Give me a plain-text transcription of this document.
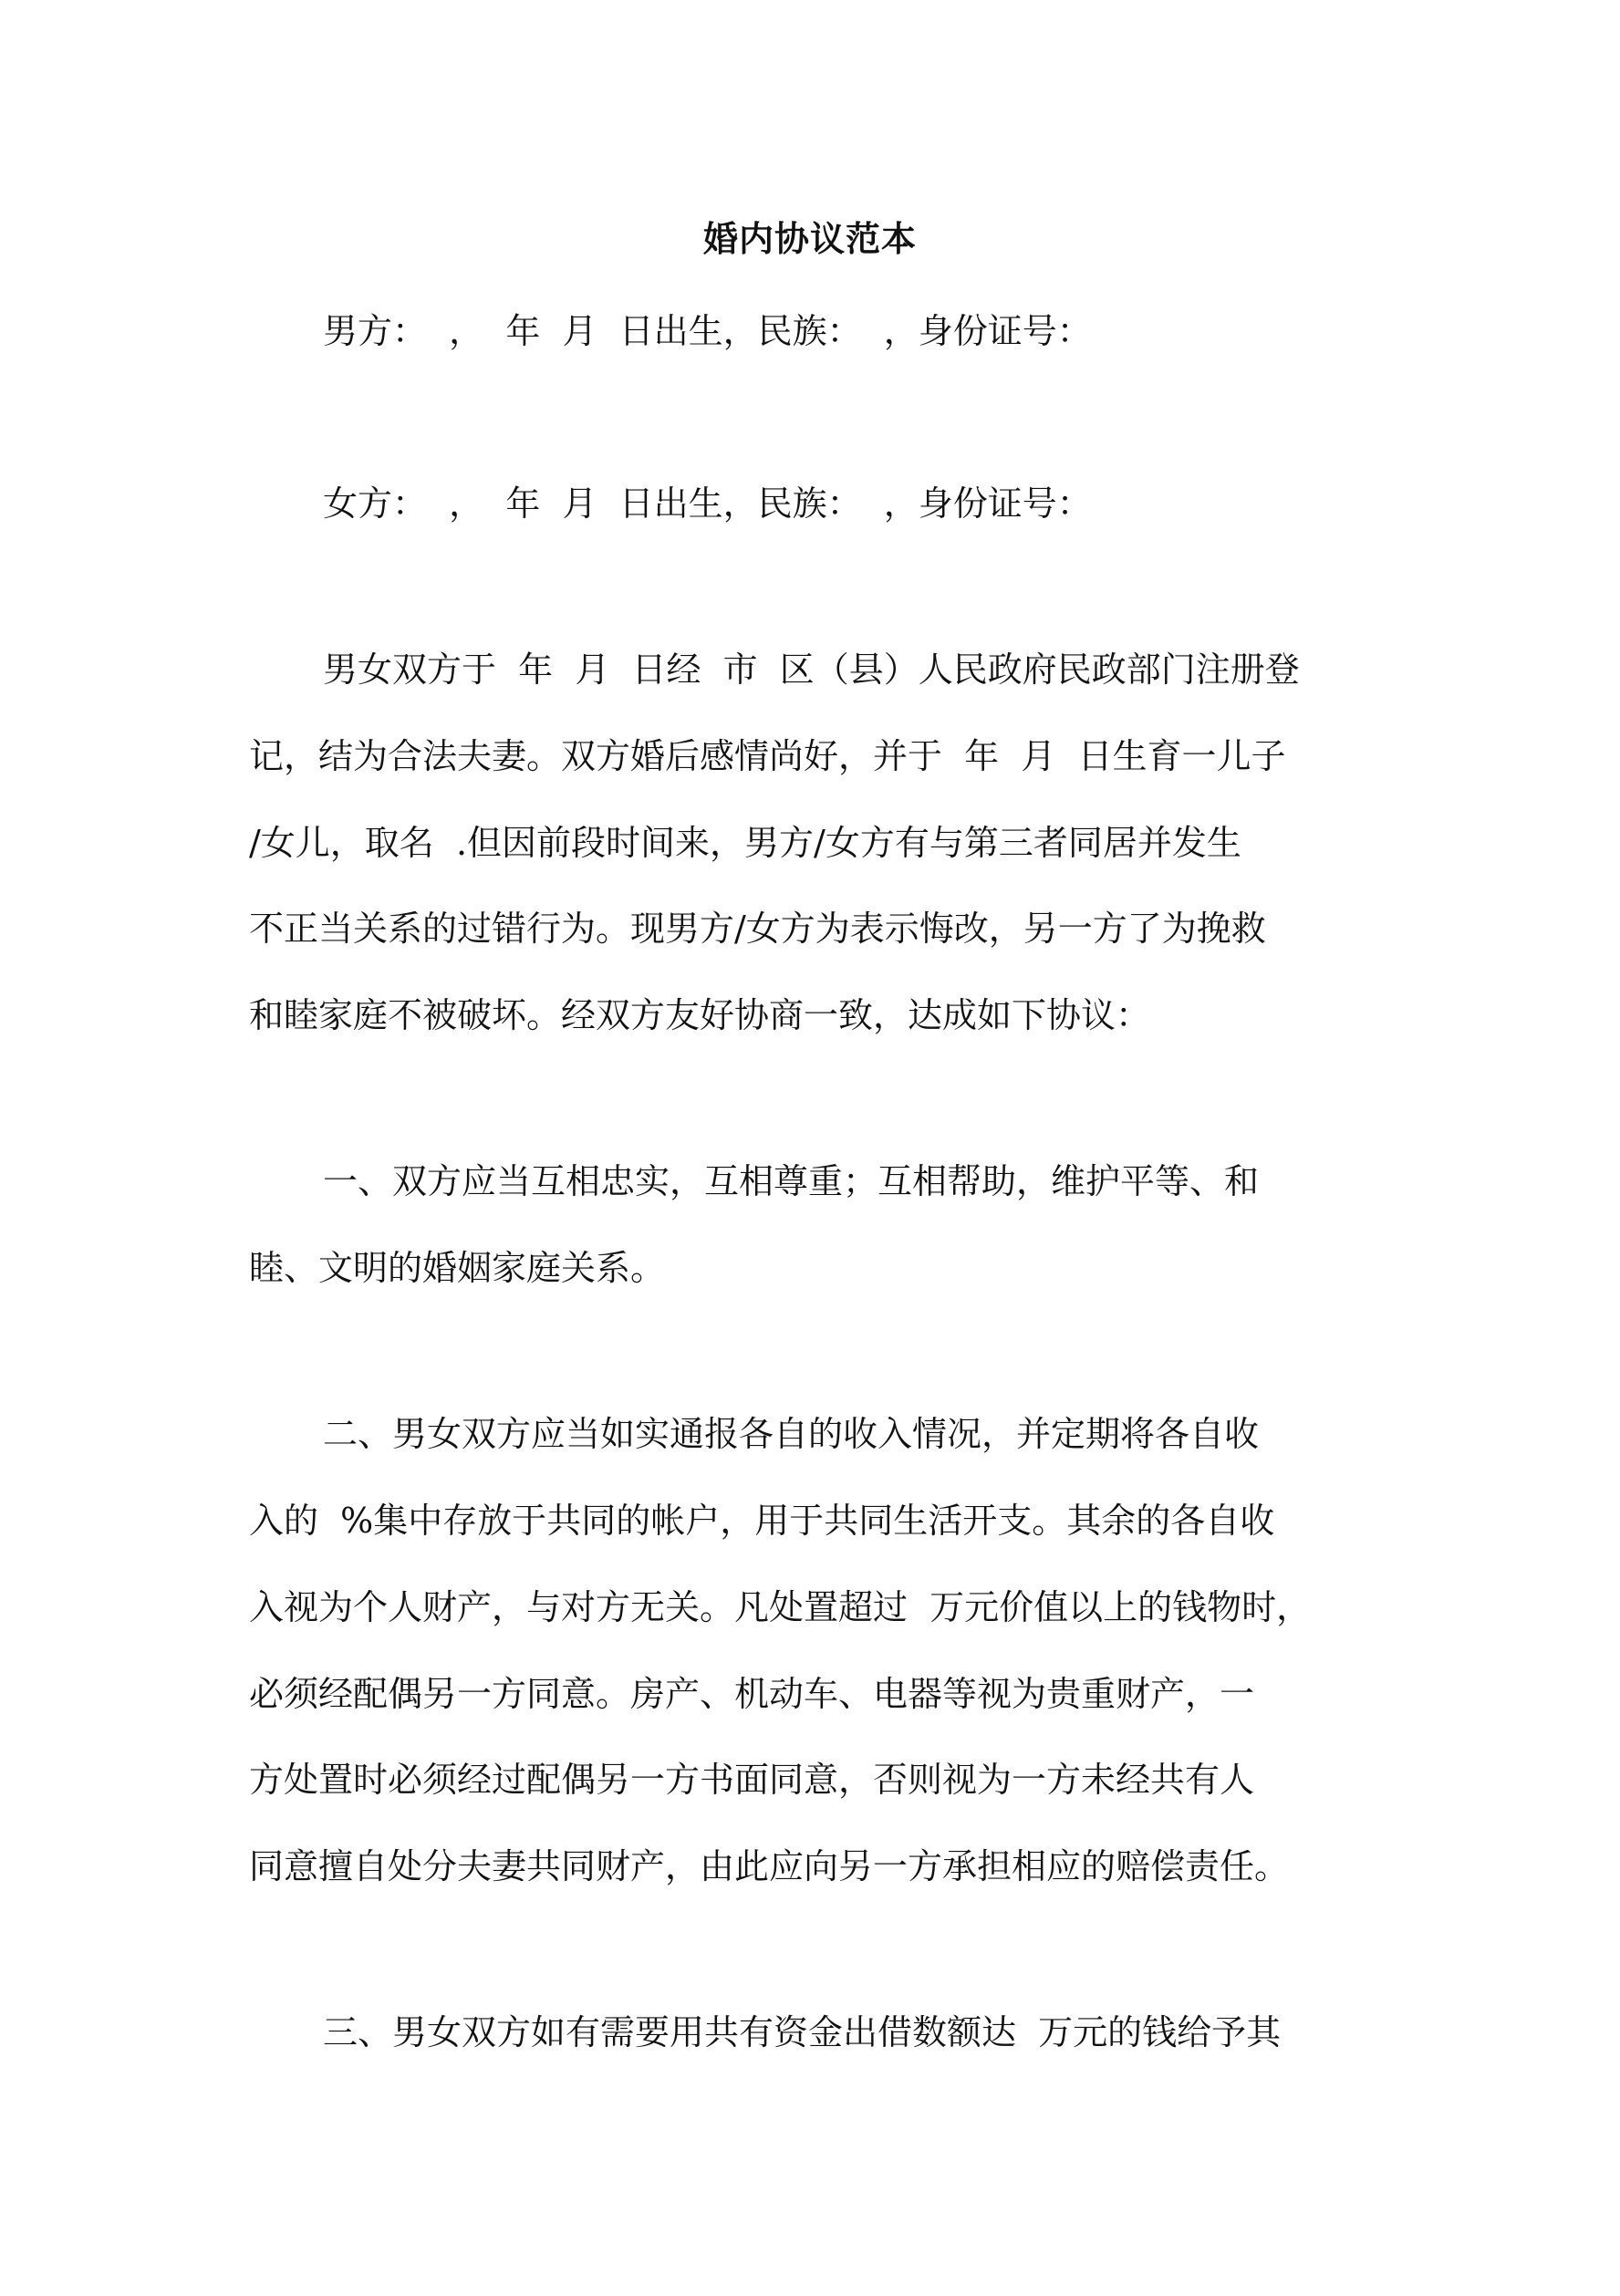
婚内协议范本
男方：  ，  年  月  日出生，民族：  ，身份证号：
女方：  ，  年  月  日出生，民族：  ，身份证号：
男女双方于  年  月  日经  市  区（县）人民政府民政部门注册登
记，结为合法夫妻。双方婚后感情尚好，并于  年  月  日生育一儿子
/女儿，取名  .但因前段时间来，男方/女方有与第三者同居并发生
不正当关系的过错行为。现男方/女方为表示悔改，另一方了为挽救
和睦家庭不被破坏。经双方友好协商一致，达成如下协议：
一、双方应当互相忠实，互相尊重；互相帮助，维护平等、和
睦、文明的婚姻家庭关系。
二、男女双方应当如实通报各自的收入情况，并定期将各自收
入的  %集中存放于共同的帐户，用于共同生活开支。其余的各自收
入视为个人财产，与对方无关。凡处置超过  万元价值以上的钱物时，
必须经配偶另一方同意。房产、机动车、电器等视为贵重财产，一
方处置时必须经过配偶另一方书面同意，否则视为一方未经共有人
同意擅自处分夫妻共同财产，由此应向另一方承担相应的赔偿责任。
三、男女双方如有需要用共有资金出借数额达  万元的钱给予其
